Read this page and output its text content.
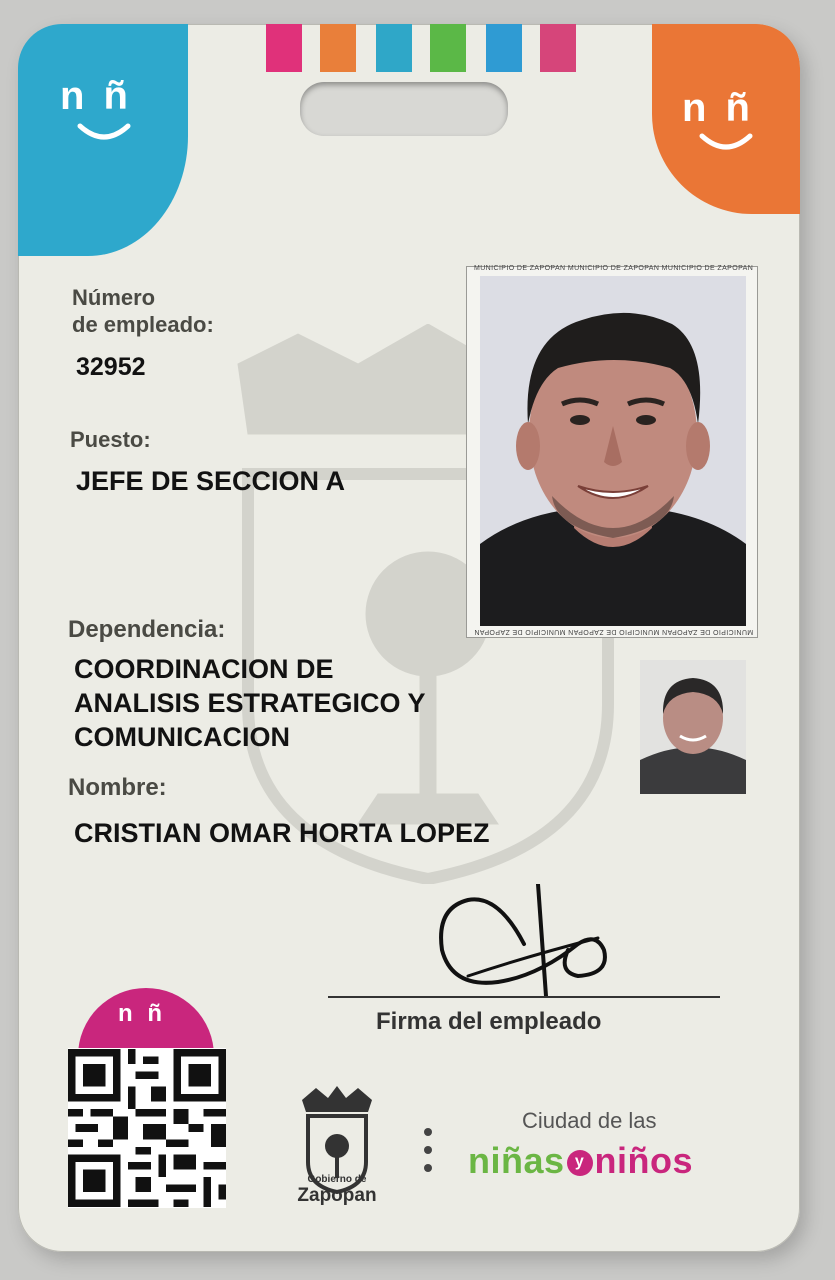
n ñ	n ñ
Número
de empleado:
32952
Puesto:
JEFE DE SECCION A
Dependencia:
COORDINACION DE
ANALISIS ESTRATEGICO Y
COMUNICACION
Nombre:
CRISTIAN OMAR HORTA LOPEZ
MUNICIPIO DE ZAPOPAN MUNICIPIO DE ZAPOPAN MUNICIPIO DE ZAPOPAN
MUNICIPIO DE ZAPOPAN MUNICIPIO DE ZAPOPAN MUNICIPIO DE ZAPOPAN
Firma del empleado
n ñ
Gobierno de
Zapopan
Ciudad de las
niñas y niños
